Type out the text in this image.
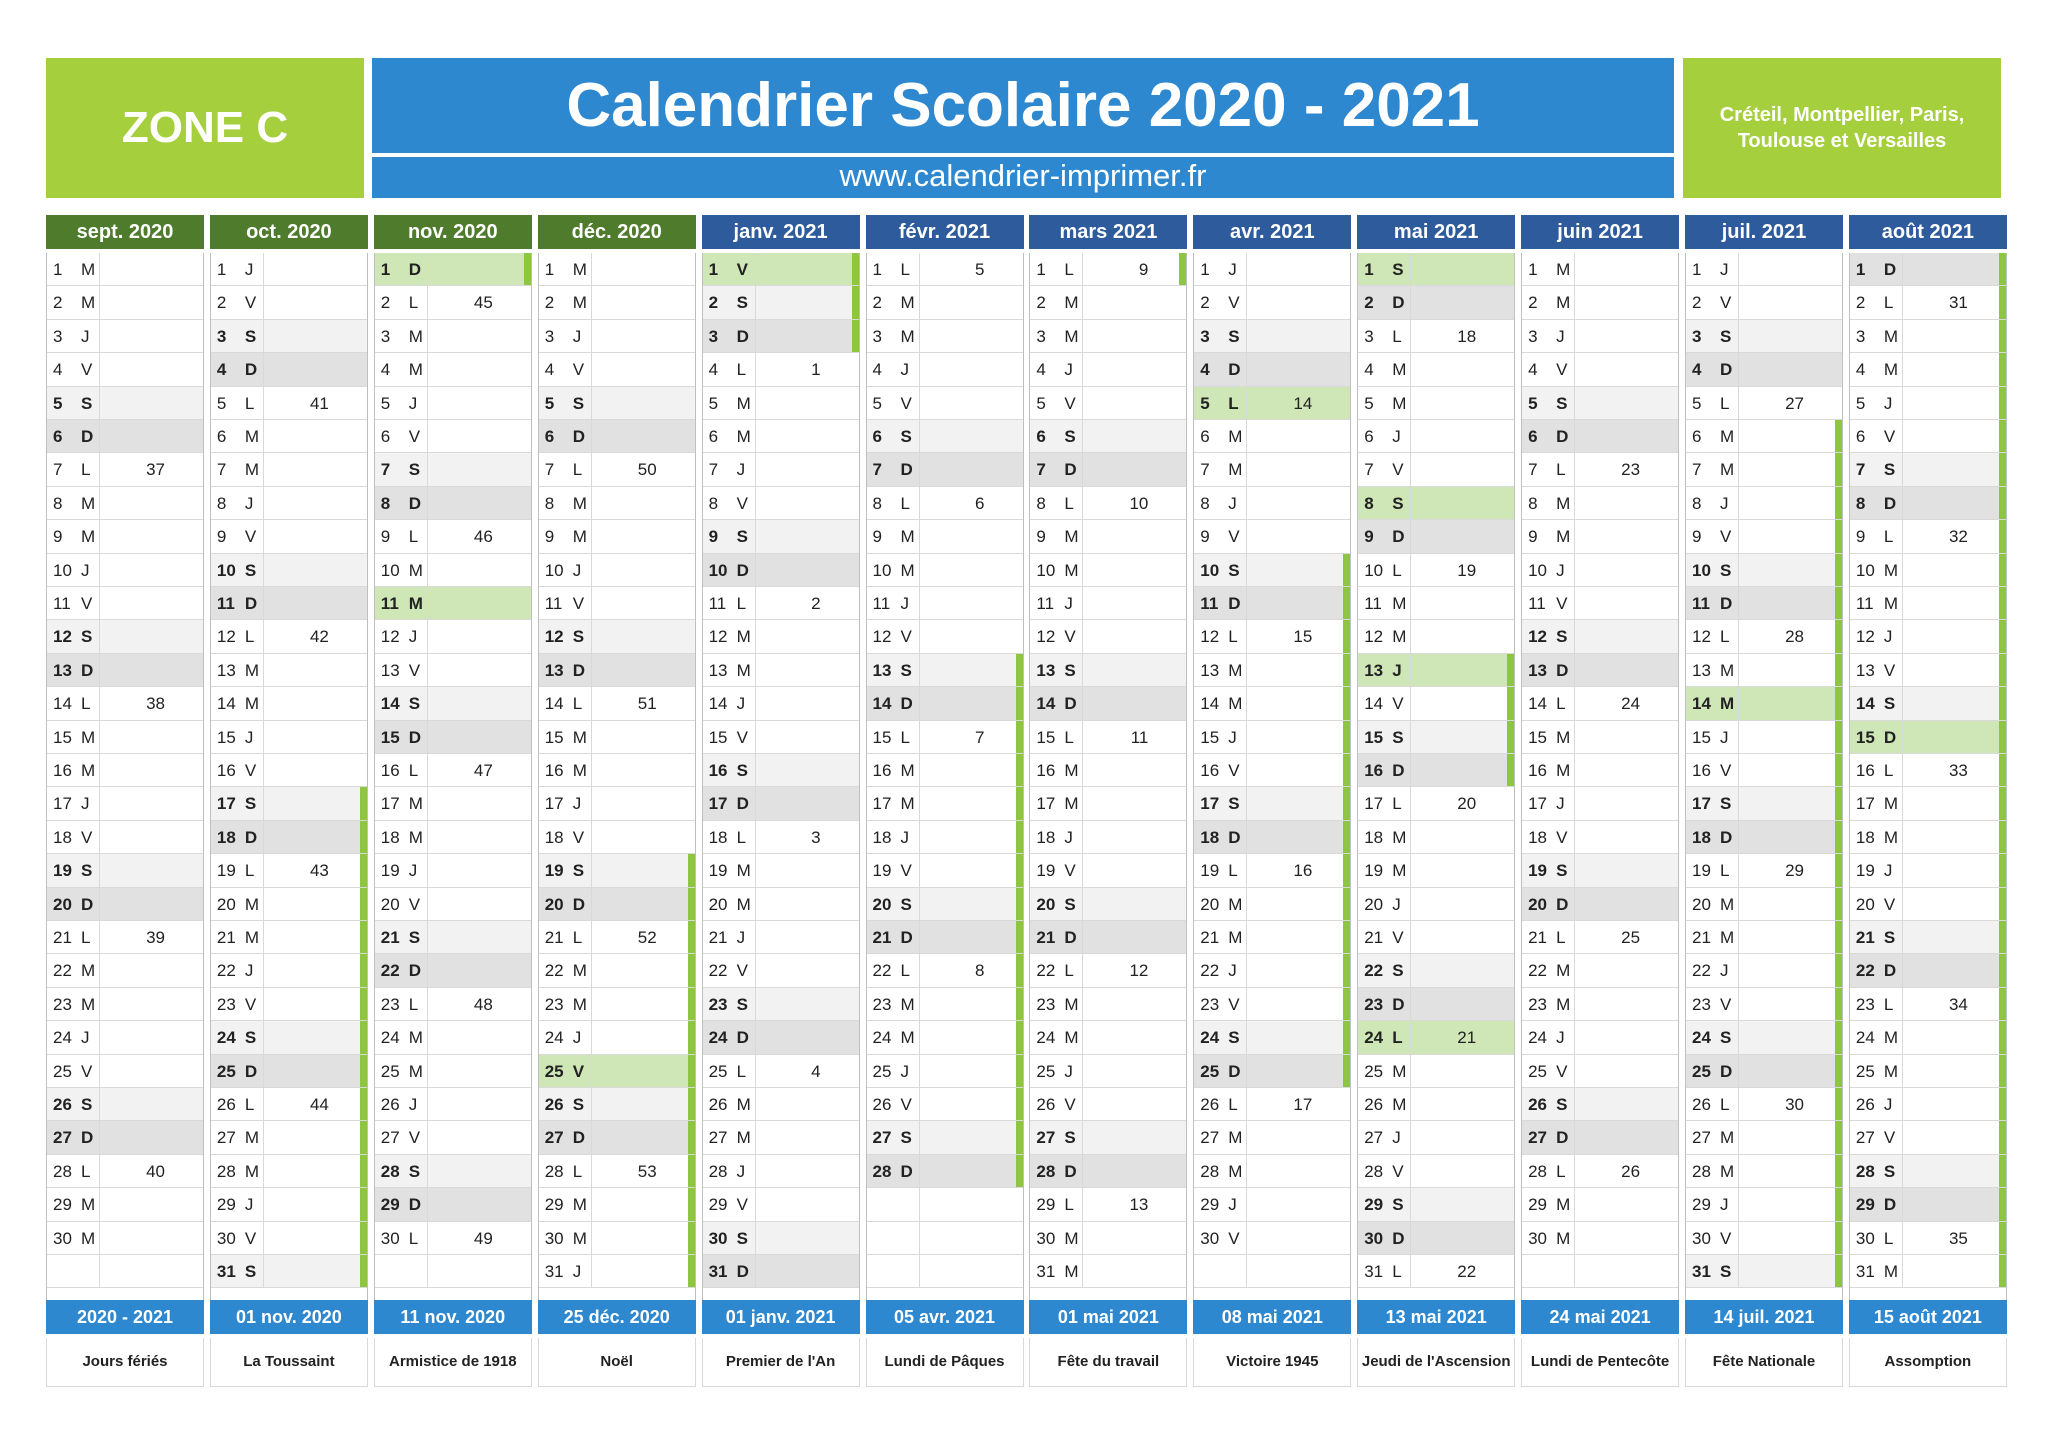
ZONE C	Calendrier Scolaire 2020 - 2021
www.calendrier-imprimer.fr
Créteil, Montpellier, Paris, Toulouse et Versailles
sept. 2020
1 M
2 M
3 J
4 V
5 S
6 D
7 L	37
8 M
9 M
10 J
11 V
12 S
13 D
14 L	38
15 M
16 M
17 J
18 V
19 S
20 D
21 L	39
22 M
23 M
24 J
25 V
26 S
27 D
28 L	40
29 M
30 M
oct. 2020
1 J
2 V
3 S
4 D
5 L	41
6 M
7 M
8 J
9 V
10 S
11 D
12 L	42
13 M
14 M
15 J
16 V
17 S
18 D
19 L	43
20 M
21 M
22 J
23 V
24 S
25 D
26 L	44
27 M
28 M
29 J
30 V
31 S
nov. 2020
1 D
2 L	45
3 M
4 M
5 J
6 V
7 S
8 D
9 L	46
10 M
11 M
12 J
13 V
14 S
15 D
16 L	47
17 M
18 M
19 J
20 V
21 S
22 D
23 L	48
24 M
25 M
26 J
27 V
28 S
29 D
30 L	49
déc. 2020
1 M
2 M
3 J
4 V
5 S
6 D
7 L	50
8 M
9 M
10 J
11 V
12 S
13 D
14 L	51
15 M
16 M
17 J
18 V
19 S
20 D
21 L	52
22 M
23 M
24 J
25 V
26 S
27 D
28 L	53
29 M
30 M
31 J
janv. 2021
1 V
2 S
3 D
4 L	1
5 M
6 M
7 J
8 V
9 S
10 D
11 L	2
12 M
13 M
14 J
15 V
16 S
17 D
18 L	3
19 M
20 M
21 J
22 V
23 S
24 D
25 L	4
26 M
27 M
28 J
29 V
30 S
31 D
févr. 2021
1 L	5
2 M
3 M
4 J
5 V
6 S
7 D
8 L	6
9 M
10 M
11 J
12 V
13 S
14 D
15 L	7
16 M
17 M
18 J
19 V
20 S
21 D
22 L	8
23 M
24 M
25 J
26 V
27 S
28 D
mars 2021
1 L	9
2 M
3 M
4 J
5 V
6 S
7 D
8 L	10
9 M
10 M
11 J
12 V
13 S
14 D
15 L	11
16 M
17 M
18 J
19 V
20 S
21 D
22 L	12
23 M
24 M
25 J
26 V
27 S
28 D
29 L	13
30 M
31 M
avr. 2021
1 J
2 V
3 S
4 D
5 L	14
6 M
7 M
8 J
9 V
10 S
11 D
12 L	15
13 M
14 M
15 J
16 V
17 S
18 D
19 L	16
20 M
21 M
22 J
23 V
24 S
25 D
26 L	17
27 M
28 M
29 J
30 V
mai 2021
1 S
2 D
3 L	18
4 M
5 M
6 J
7 V
8 S
9 D
10 L	19
11 M
12 M
13 J
14 V
15 S
16 D
17 L	20
18 M
19 M
20 J
21 V
22 S
23 D
24 L	21
25 M
26 M
27 J
28 V
29 S
30 D
31 L	22
juin 2021
1 M
2 M
3 J
4 V
5 S
6 D
7 L	23
8 M
9 M
10 J
11 V
12 S
13 D
14 L	24
15 M
16 M
17 J
18 V
19 S
20 D
21 L	25
22 M
23 M
24 J
25 V
26 S
27 D
28 L	26
29 M
30 M
juil. 2021
1 J
2 V
3 S
4 D
5 L	27
6 M
7 M
8 J
9 V
10 S
11 D
12 L	28
13 M
14 M
15 J
16 V
17 S
18 D
19 L	29
20 M
21 M
22 J
23 V
24 S
25 D
26 L	30
27 M
28 M
29 J
30 V
31 S
août 2021
1 D
2 L	31
3 M
4 M
5 J
6 V
7 S
8 D
9 L	32
10 M
11 M
12 J
13 V
14 S
15 D
16 L	33
17 M
18 M
19 J
20 V
21 S
22 D
23 L	34
24 M
25 M
26 J
27 V
28 S
29 D
30 L	35
31 M
2020 - 2021
Jours fériés
01 nov. 2020
La Toussaint
11 nov. 2020
Armistice de 1918
25 déc. 2020
Noël
01 janv. 2021
Premier de l'An
05 avr. 2021
Lundi de Pâques
01 mai 2021
Fête du travail
08 mai 2021
Victoire 1945
13 mai 2021
Jeudi de l'Ascension
24 mai 2021
Lundi de Pentecôte
14 juil. 2021
Fête Nationale
15 août 2021
Assomption
